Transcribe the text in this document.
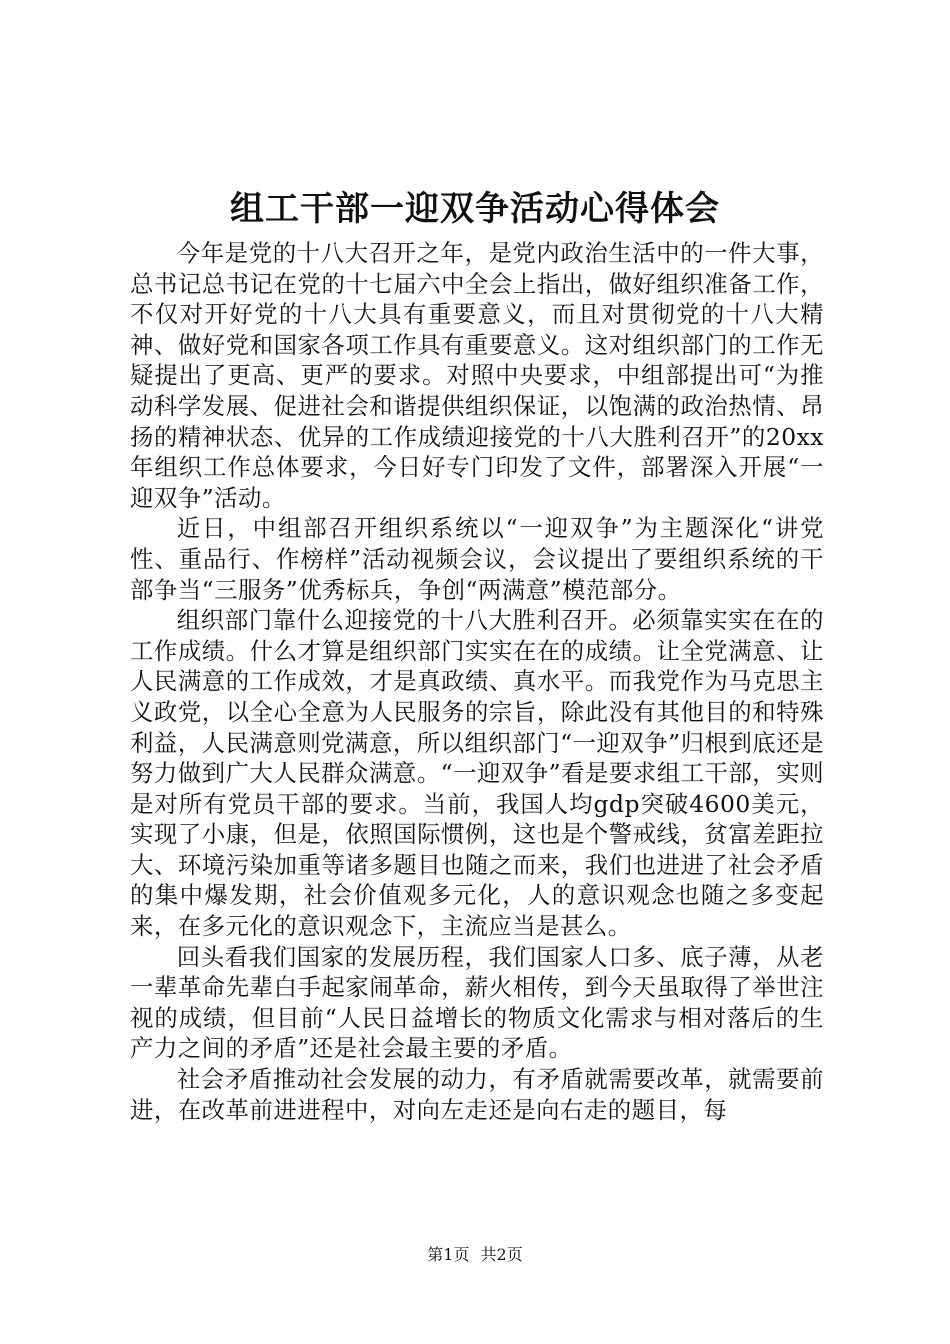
组工干部一迎双争活动心得体会

今年是党的十八大召开之年，是党内政治生活中的一件大事，总书记总书记在党的十七届六中全会上指出，做好组织准备工作，不仅对开好党的十八大具有重要意义，而且对贯彻党的十八大精神、做好党和国家各项工作具有重要意义。这对组织部门的工作无疑提出了更高、更严的要求。对照中央要求，中组部提出可“为推动科学发展、促进社会和谐提供组织保证，以饱满的政治热情、昂扬的精神状态、优异的工作成绩迎接党的十八大胜利召开”的20xx年组织工作总体要求，今日好专门印发了文件，部署深入开展“一迎双争”活动。

近日，中组部召开组织系统以“一迎双争”为主题深化“讲党性、重品行、作榜样”活动视频会议，会议提出了要组织系统的干部争当“三服务”优秀标兵，争创“两满意”模范部分。

组织部门靠什么迎接党的十八大胜利召开。必须靠实实在在的工作成绩。什么才算是组织部门实实在在的成绩。让全党满意、让人民满意的工作成效，才是真政绩、真水平。而我党作为马克思主义政党，以全心全意为人民服务的宗旨，除此没有其他目的和特殊利益，人民满意则党满意，所以组织部门“一迎双争”归根到底还是努力做到广大人民群众满意。“一迎双争”看是要求组工干部，实则是对所有党员干部的要求。当前，我国人均gdp突破4600美元，实现了小康，但是，依照国际惯例，这也是个警戒线，贫富差距拉大、环境污染加重等诸多题目也随之而来，我们也进进了社会矛盾的集中爆发期，社会价值观多元化，人的意识观念也随之多变起来，在多元化的意识观念下，主流应当是甚么。

回头看我们国家的发展历程，我们国家人口多、底子薄，从老一辈革命先辈白手起家闹革命，薪火相传，到今天虽取得了举世注视的成绩，但目前“人民日益增长的物质文化需求与相对落后的生产力之间的矛盾”还是社会最主要的矛盾。

社会矛盾推动社会发展的动力，有矛盾就需要改革，就需要前进，在改革前进进程中，对向左走还是向右走的题目，每

第1页 共2页
